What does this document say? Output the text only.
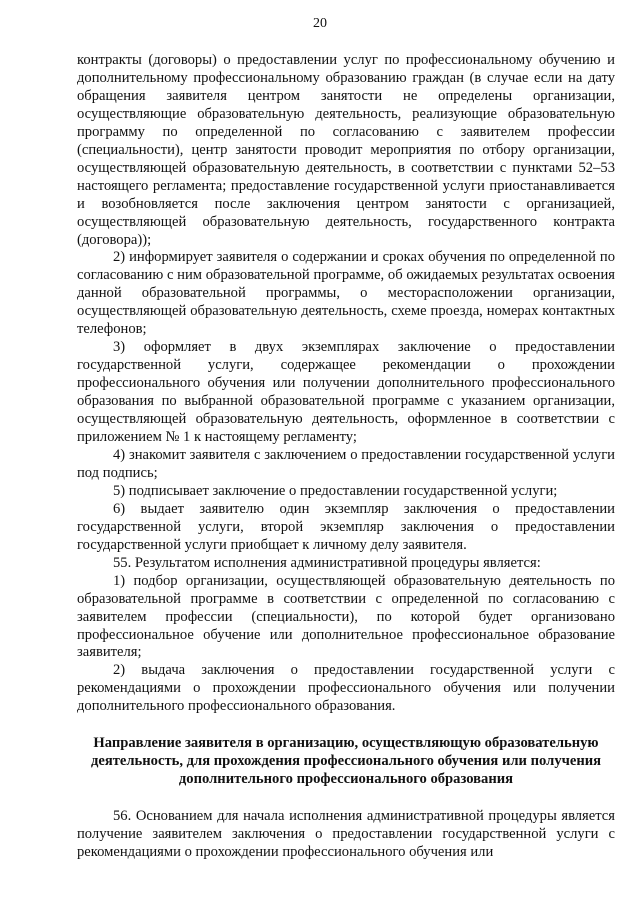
20

контракты (договоры) о предоставлении услуг по профессиональному обучению и дополнительному профессиональному образованию граждан (в случае если на дату обращения заявителя центром занятости не определены организации, осуществляющие образовательную деятельность, реализующие образовательную программу по определенной по согласованию с заявителем профессии (специальности), центр занятости проводит мероприятия по отбору организации, осуществляющей образовательную деятельность, в соответствии с пунктами 52–53 настоящего регламента; предоставление государственной услуги приостанавливается и возобновляется после заключения центром занятости с организацией, осуществляющей образовательную деятельность, государственного контракта (договора));

2) информирует заявителя о содержании и сроках обучения по определенной по согласованию с ним образовательной программе, об ожидаемых результатах освоения данной образовательной программы, о месторасположении организации, осуществляющей образовательную деятельность, схеме проезда, номерах контактных телефонов;

3) оформляет в двух экземплярах заключение о предоставлении государственной услуги, содержащее рекомендации о прохождении профессионального обучения или получении дополнительного профессионального образования по выбранной образовательной программе с указанием организации, осуществляющей образовательную деятельность, оформленное в соответствии с приложением № 1 к настоящему регламенту;

4) знакомит заявителя с заключением о предоставлении государственной услуги под подпись;

5) подписывает заключение о предоставлении государственной услуги;

6) выдает заявителю один экземпляр заключения о предоставлении государственной услуги, второй экземпляр заключения о предоставлении государственной услуги приобщает к личному делу заявителя.

55. Результатом исполнения административной процедуры является:

1) подбор организации, осуществляющей образовательную деятельность по образовательной программе в соответствии с определенной по согласованию с заявителем профессии (специальности), по которой будет организовано профессиональное обучение или дополнительное профессиональное образование заявителя;

2) выдача заключения о предоставлении государственной услуги с рекомендациями о прохождении профессионального обучения или получении дополнительного профессионального образования.

Направление заявителя в организацию, осуществляющую образовательную деятельность, для прохождения профессионального обучения или получения дополнительного профессионального образования

56. Основанием для начала исполнения административной процедуры является получение заявителем заключения о предоставлении государственной услуги с рекомендациями о прохождении профессионального обучения или
